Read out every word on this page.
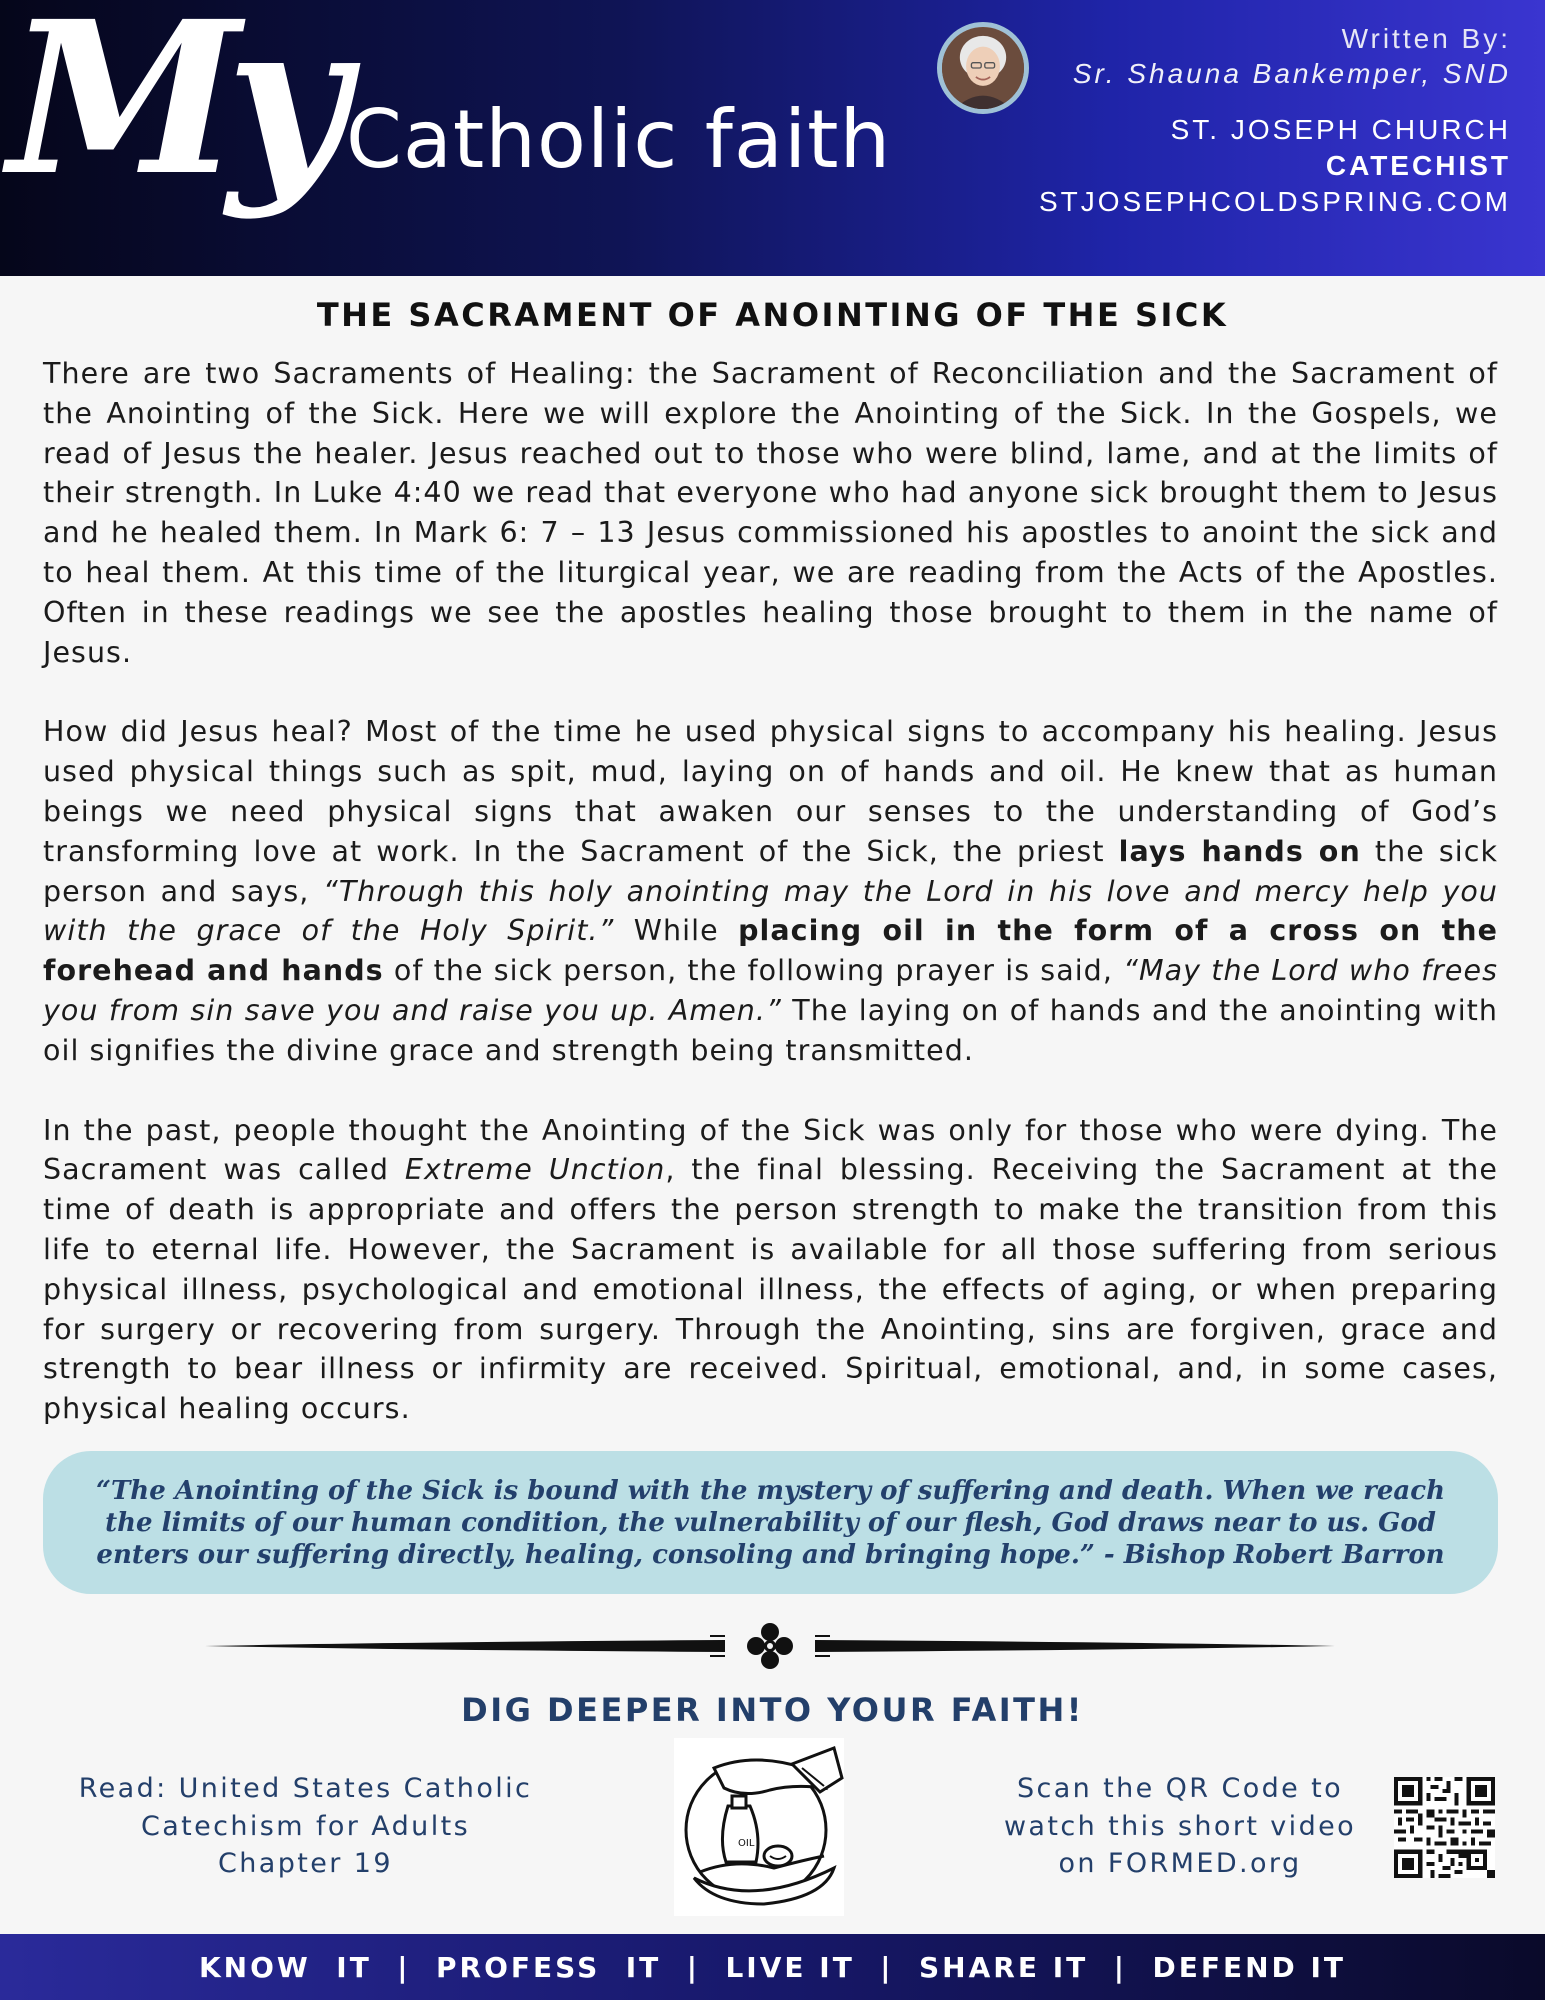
My Catholic faith
Written By:
Sr. Shauna Bankemper, SND
ST. JOSEPH CHURCH
CATECHIST
STJOSEPHCOLDSPRING.COM
THE SACRAMENT OF ANOINTING OF THE SICK

There are two Sacraments of Healing: the Sacrament of Reconciliation and the Sacrament of the Anointing of the Sick. Here we will explore the Anointing of the Sick. In the Gospels, we read of Jesus the healer. Jesus reached out to those who were blind, lame, and at the limits of their strength. In Luke 4:40 we read that everyone who had anyone sick brought them to Jesus and he healed them. In Mark 6: 7 – 13 Jesus commissioned his apostles to anoint the sick and to heal them. At this time of the liturgical year, we are reading from the Acts of the Apostles. Often in these readings we see the apostles healing those brought to them in the name of Jesus.

How did Jesus heal? Most of the time he used physical signs to accompany his healing. Jesus used physical things such as spit, mud, laying on of hands and oil. He knew that as human beings we need physical signs that awaken our senses to the understanding of God’s transforming love at work. In the Sacrament of the Sick, the priest lays hands on the sick person and says, “Through this holy anointing may the Lord in his love and mercy help you with the grace of the Holy Spirit.” While placing oil in the form of a cross on the forehead and hands of the sick person, the following prayer is said, “May the Lord who frees you from sin save you and raise you up. Amen.” The laying on of hands and the anointing with oil signifies the divine grace and strength being transmitted.

In the past, people thought the Anointing of the Sick was only for those who were dying. The Sacrament was called Extreme Unction, the final blessing. Receiving the Sacrament at the time of death is appropriate and offers the person strength to make the transition from this life to eternal life. However, the Sacrament is available for all those suffering from serious physical illness, psychological and emotional illness, the effects of aging, or when preparing for surgery or recovering from surgery. Through the Anointing, sins are forgiven, grace and strength to bear illness or infirmity are received. Spiritual, emotional, and, in some cases, physical healing occurs.

“The Anointing of the Sick is bound with the mystery of suffering and death. When we reach the limits of our human condition, the vulnerability of our flesh, God draws near to us. God enters our suffering directly, healing, consoling and bringing hope.” - Bishop Robert Barron
DIG DEEPER INTO YOUR FAITH!
Read: United States Catholic
Catechism for Adults
Chapter 19
OIL
Scan the QR Code to
watch this short video
on FORMED.org
KNOW  IT  |  PROFESS  IT  |  LIVE IT  |  SHARE IT  |  DEFEND IT
